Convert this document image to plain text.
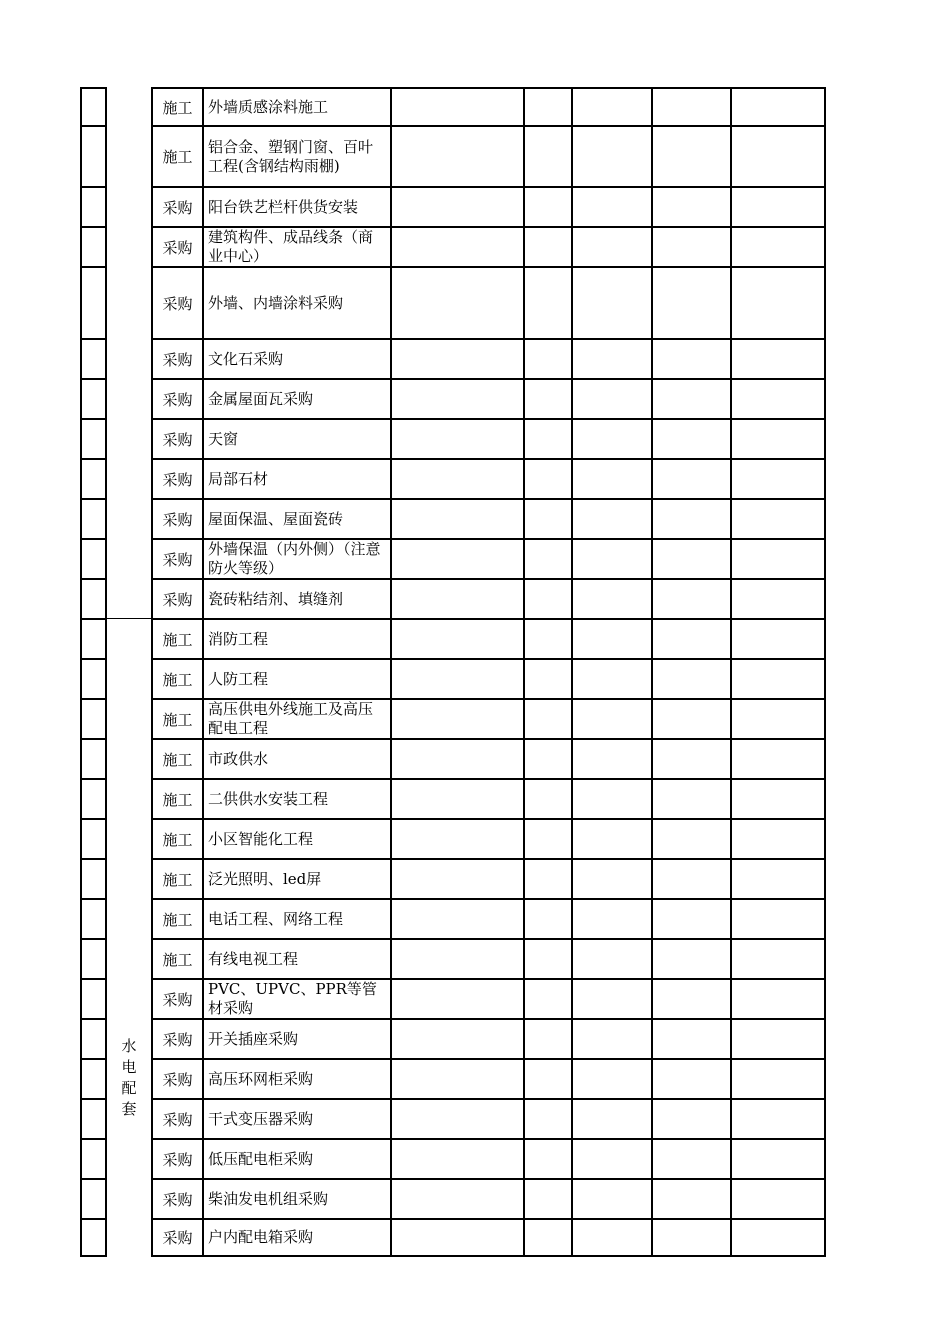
施工 外墙质感涂料施工
施工
铝合金、塑钢门窗、百叶工程(含钢结构雨棚)
采购 阳台铁艺栏杆供货安装
采购
建筑构件、成品线条（商业中心）
采购 外墙、内墙涂料采购
采购 文化石采购
采购 金属屋面瓦采购
采购 天窗
采购 局部石材
采购 屋面保温、屋面瓷砖
采购
外墙保温（内外侧）（注意防火等级）
采购 瓷砖粘结剂、填缝剂
施工 消防工程
施工 人防工程
施工
高压供电外线施工及高压配电工程
施工 市政供水
施工 二供供水安装工程
施工 小区智能化工程
施工 泛光照明、led屏
施工 电话工程、网络工程
施工 有线电视工程
采购
PVC、UPVC、PPR等管材采购
采购 开关插座采购
采购 高压环网柜采购
采购 干式变压器采购
采购 低压配电柜采购
采购 柴油发电机组采购
采购 户内配电箱采购
水
电
配
套
